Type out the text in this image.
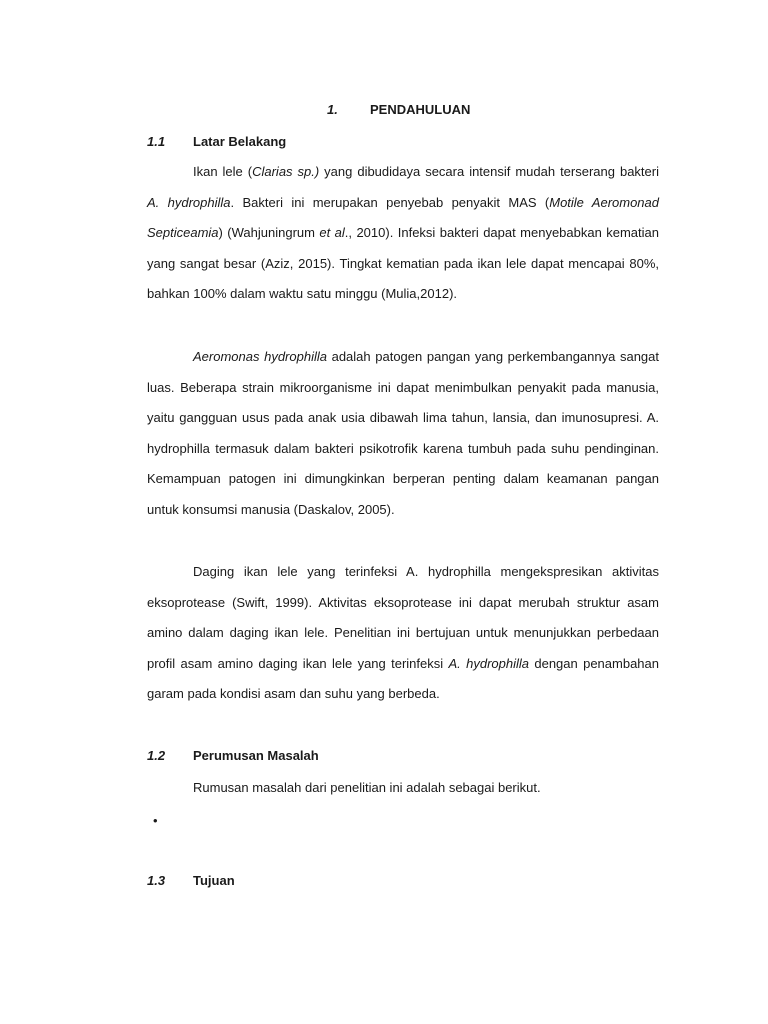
1. PENDAHULUAN
1.1 Latar Belakang

Ikan lele (Clarias sp.) yang dibudidaya secara intensif mudah terserang bakteri A. hydrophilla. Bakteri ini merupakan penyebab penyakit MAS (Motile Aeromonad Septiceamia) (Wahjuningrum et al., 2010). Infeksi bakteri dapat menyebabkan kematian yang sangat besar (Aziz, 2015). Tingkat kematian pada ikan lele dapat mencapai 80%, bahkan 100% dalam waktu satu minggu (Mulia,2012).

Aeromonas hydrophilla adalah patogen pangan yang perkembangannya sangat luas. Beberapa strain mikroorganisme ini dapat menimbulkan penyakit pada manusia, yaitu gangguan usus pada anak usia dibawah lima tahun, lansia, dan imunosupresi. A. hydrophilla termasuk dalam bakteri psikotrofik karena tumbuh pada suhu pendinginan. Kemampuan patogen ini dimungkinkan berperan penting dalam keamanan pangan untuk konsumsi manusia (Daskalov, 2005).

Daging ikan lele yang terinfeksi A. hydrophilla mengekspresikan aktivitas eksoprotease (Swift, 1999). Aktivitas eksoprotease ini dapat merubah struktur asam amino dalam daging ikan lele. Penelitian ini bertujuan untuk menunjukkan perbedaan profil asam amino daging ikan lele yang terinfeksi A. hydrophilla dengan penambahan garam pada kondisi asam dan suhu yang berbeda.

1.2 Perumusan Masalah

Rumusan masalah dari penelitian ini adalah sebagai berikut.

•
1.3 Tujuan
